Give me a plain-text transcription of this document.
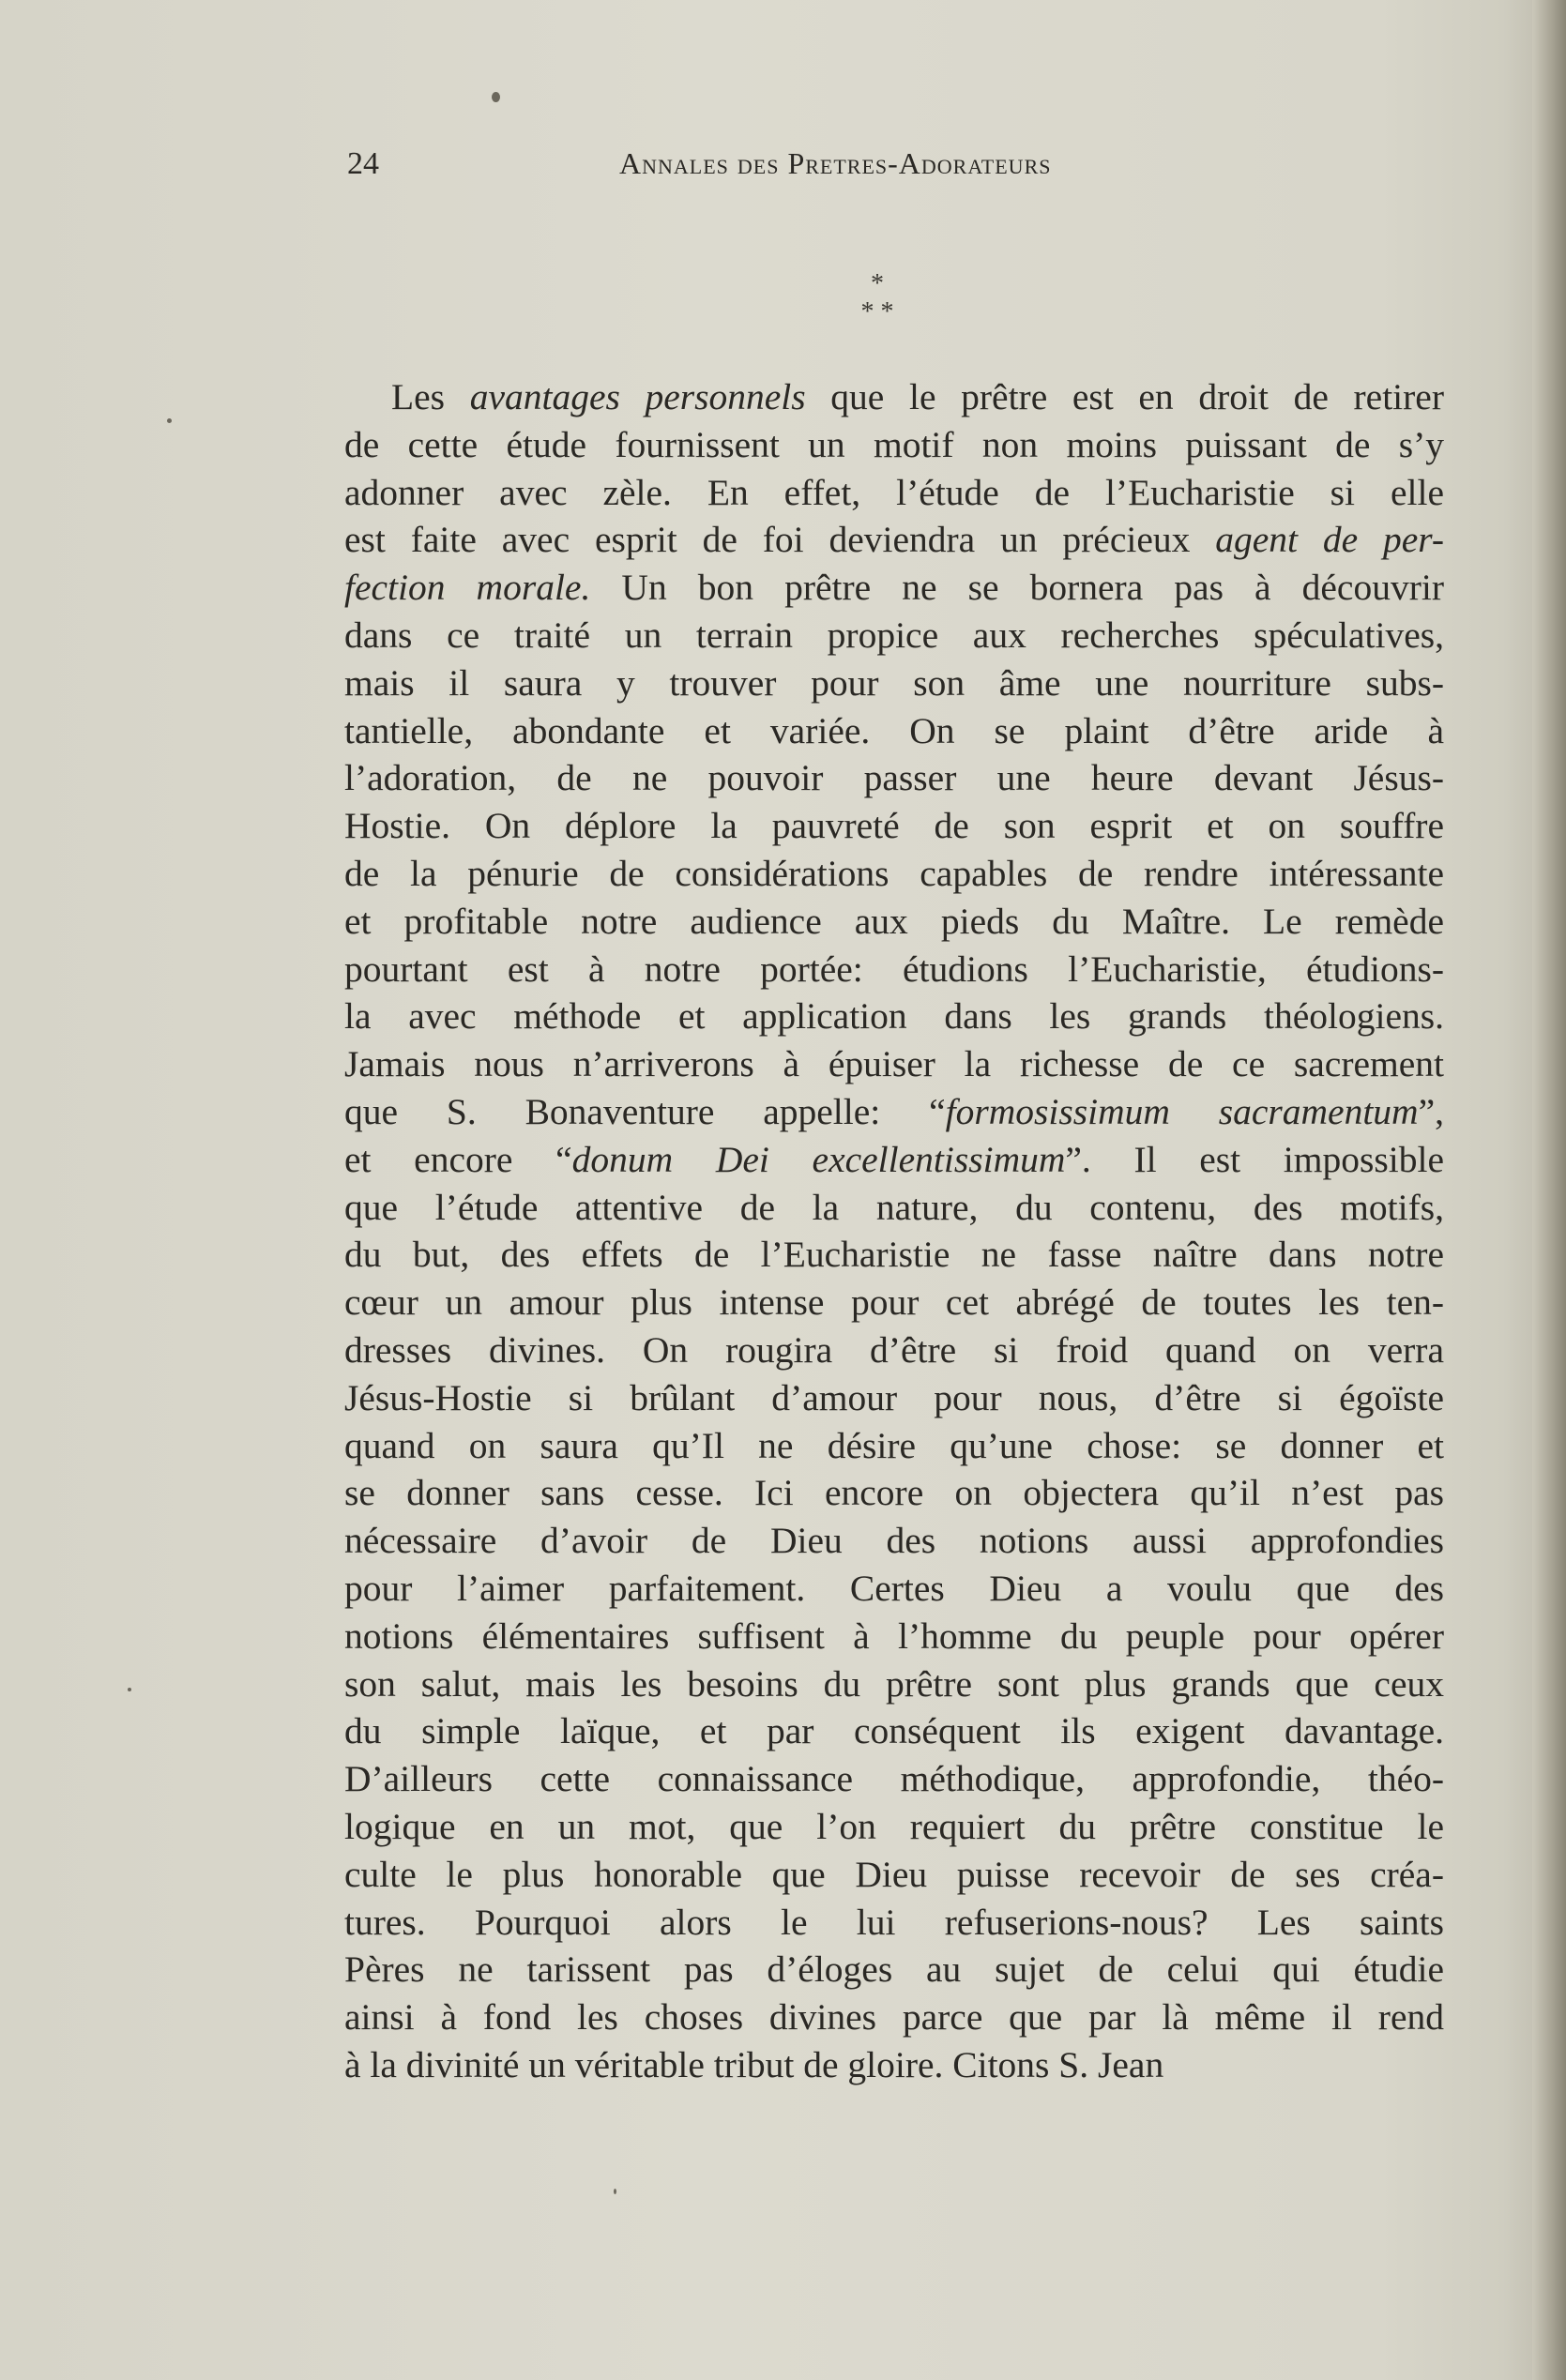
24	Annales des Pretres-Adorateurs
*
* *
Les avantages personnels que le prêtre est en droit de retirer
de cette étude fournissent un motif non moins puissant de s’y
adonner avec zèle. En effet, l’étude de l’Eucharistie si elle
est faite avec esprit de foi deviendra un précieux agent de per-
fection morale. Un bon prêtre ne se bornera pas à découvrir
dans ce traité un terrain propice aux recherches spéculatives,
mais il saura y trouver pour son âme une nourriture subs-
tantielle, abondante et variée. On se plaint d’être aride à
l’adoration, de ne pouvoir passer une heure devant Jésus-
Hostie. On déplore la pauvreté de son esprit et on souffre
de la pénurie de considérations capables de rendre intéressante
et profitable notre audience aux pieds du Maître. Le remède
pourtant est à notre portée: étudions l’Eucharistie, étudions-
la avec méthode et application dans les grands théologiens.
Jamais nous n’arriverons à épuiser la richesse de ce sacrement
que S. Bonaventure appelle: “formosissimum sacramentum”,
et encore “donum Dei excellentissimum”. Il est impossible
que l’étude attentive de la nature, du contenu, des motifs,
du but, des effets de l’Eucharistie ne fasse naître dans notre
cœur un amour plus intense pour cet abrégé de toutes les ten-
dresses divines. On rougira d’être si froid quand on verra
Jésus-Hostie si brûlant d’amour pour nous, d’être si égoïste
quand on saura qu’Il ne désire qu’une chose: se donner et
se donner sans cesse. Ici encore on objectera qu’il n’est pas
nécessaire d’avoir de Dieu des notions aussi approfondies
pour l’aimer parfaitement. Certes Dieu a voulu que des
notions élémentaires suffisent à l’homme du peuple pour opérer
son salut, mais les besoins du prêtre sont plus grands que ceux
du simple laïque, et par conséquent ils exigent davantage.
D’ailleurs cette connaissance méthodique, approfondie, théo-
logique en un mot, que l’on requiert du prêtre constitue le
culte le plus honorable que Dieu puisse recevoir de ses créa-
tures. Pourquoi alors le lui refuserions-nous? Les saints
Pères ne tarissent pas d’éloges au sujet de celui qui étudie
ainsi à fond les choses divines parce que par là même il rend
à la divinité un véritable tribut de gloire. Citons S. Jean
